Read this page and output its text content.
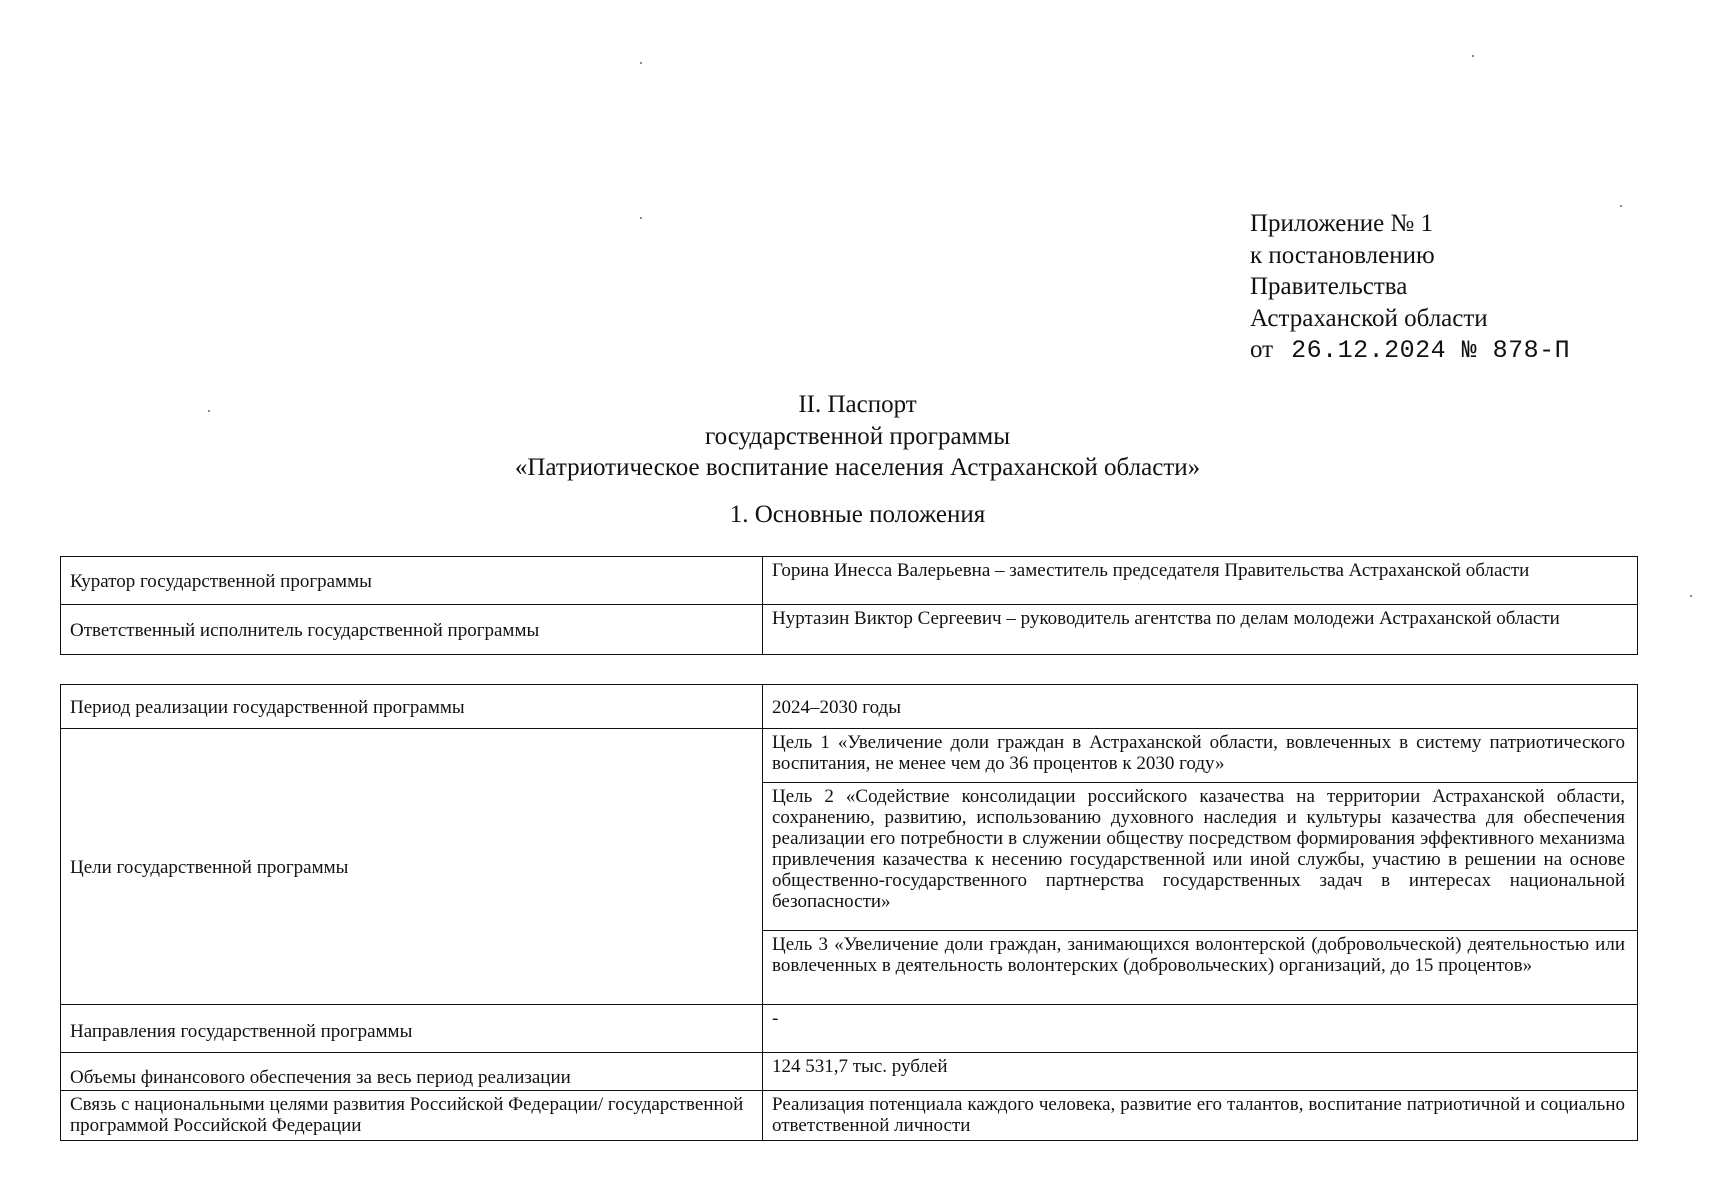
Приложение № 1
к постановлению
Правительства
Астраханской области
от 26.12.2024 № 878-П
II. Паспорт
государственной программы
«Патриотическое воспитание населения Астраханской области»
1. Основные положения
Куратор государственной программы	Горина Инесса Валерьевна – заместитель председателя Правительства Астраханской области
Ответственный исполнитель государственной программы	Нуртазин Виктор Сергеевич – руководитель агентства по делам молодежи Астраханской области
Период реализации государственной программы	2024–2030 годы
Цели государственной программы	Цель 1 «Увеличение доли граждан в Астраханской области, вовлеченных в систему патриотического воспитания, не менее чем до 36 процентов к 2030 году»
	Цель 2 «Содействие консолидации российского казачества на территории Астраханской области, сохранению, развитию, использованию духовного наследия и культуры казачества для обеспечения реализации его потребности в служении обществу посредством формирования эффективного механизма привлечения казачества к несению государственной или иной службы, участию в решении на основе общественно-государственного партнерства государственных задач в интересах национальной безопасности»
	Цель 3 «Увеличение доли граждан, занимающихся волонтерской (добровольческой) деятельностью или вовлеченных в деятельность волонтерских (добровольческих) организаций, до 15 процентов»
Направления государственной программы	-
Объемы финансового обеспечения за весь период реализации	124 531,7 тыс. рублей
Связь с национальными целями развития Российской Федерации/ государственной программой Российской Федерации	Реализация потенциала каждого человека, развитие его талантов, воспитание патриотичной и социально ответственной личности
